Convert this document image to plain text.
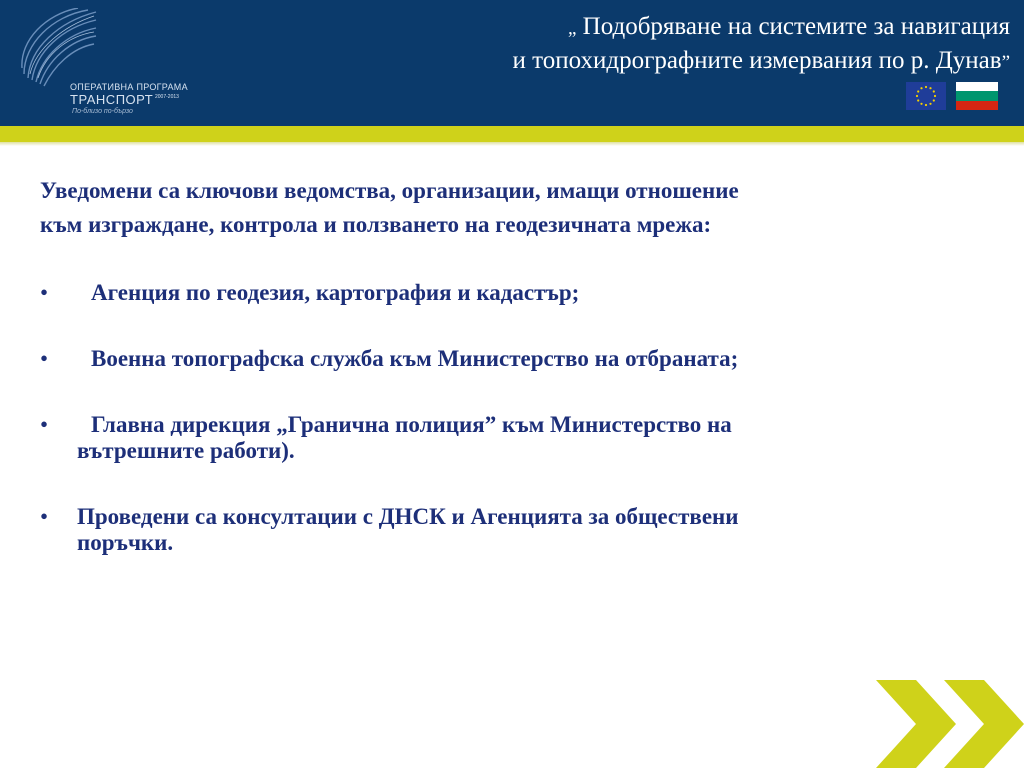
ОПЕРАТИВНА ПРОГРАМА
ТРАНСПОРТ 2007-2013
По-близо по-бързо
„ Подобряване на системите за навигация
и топохидрографните измервания по р. Дунав”

Уведомени са ключови ведомства, организации, имащи отношение
към изграждане, контрола и ползването на геодезичната мрежа:

• Агенция по геодезия, картография и кадастър;
• Военна топографска служба към Министерство на отбраната;
• Главна дирекция „Гранична полиция” към Министерство на
вътрешните работи).
• Проведени са консултации с ДНСК и Агенцията за обществени
поръчки.
